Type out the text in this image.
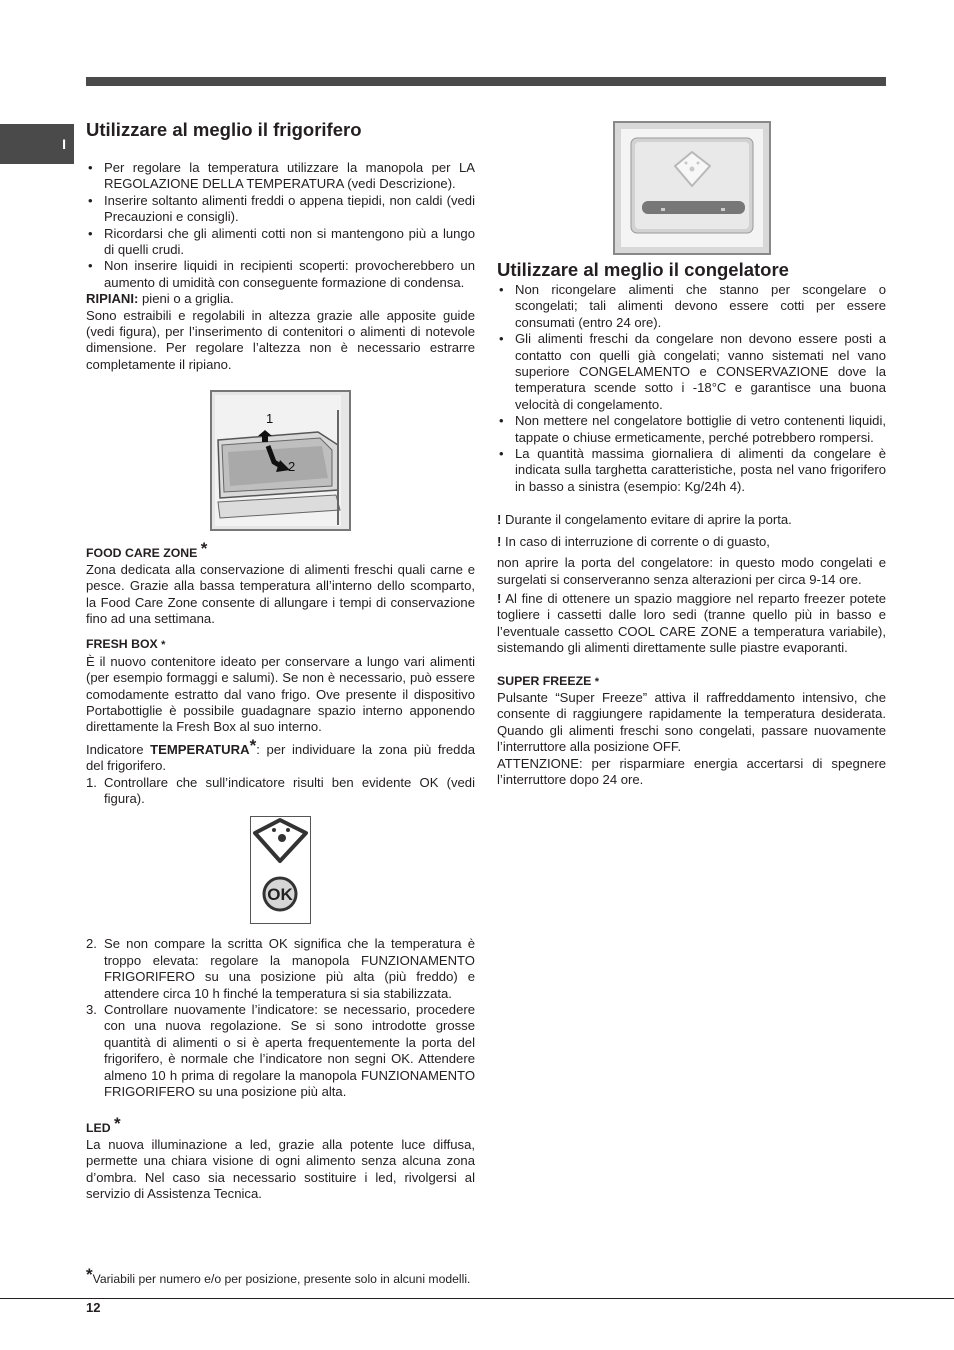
I
Utilizzare al meglio il frigorifero
• Per regolare la temperatura utilizzare la manopola per LA REGOLAZIONE DELLA TEMPERATURA (vedi Descrizione).
• Inserire soltanto alimenti freddi o appena tiepidi, non caldi (vedi Precauzioni e consigli).
• Ricordarsi che gli alimenti cotti non si mantengono più a lungo di quelli crudi.
• Non inserire liquidi in recipienti scoperti: provocherebbero un aumento di umidità con conseguente formazione di condensa.

RIPIANI: pieni o a griglia.

Sono estraibili e regolabili in altezza grazie alle apposite guide (vedi figura), per l’inserimento di contenitori o alimenti di notevole dimensione. Per regolare l’altezza non è necessario estrarre completamente il ripiano.

1
2

FOOD CARE ZONE *

Zona dedicata alla conservazione di alimenti freschi quali carne e pesce. Grazie alla bassa temperatura all’interno dello scomparto, la Food Care Zone consente di allungare i tempi di conservazione fino ad una settimana.

FRESH BOX *

È il nuovo contenitore ideato per conservare a lungo vari alimenti (per esempio formaggi e salumi). Se non è necessario, può essere comodamente estratto dal vano frigo. Ove presente il dispositivo Portabottiglie è possibile guadagnare spazio interno apponendo direttamente la Fresh Box al suo interno.

Indicatore TEMPERATURA*: per individuare la zona più fredda del frigorifero.

1. Controllare che sull’indicatore risulti ben evidente OK (vedi figura).
OK
2. Se non compare la scritta OK significa che la temperatura è troppo elevata: regolare la manopola FUNZIONAMENTO FRIGORIFERO su una posizione più alta (più freddo) e attendere circa 10 h finché la temperatura si sia stabilizzata.
3. Controllare nuovamente l’indicatore: se necessario, procedere con una nuova regolazione. Se si sono introdotte grosse quantità di alimenti o si è aperta frequentemente la porta del frigorifero, è normale che l’indicatore non segni OK. Attendere almeno 10 h prima di regolare la manopola FUNZIONAMENTO FRIGORIFERO su una posizione più alta.

LED *

La nuova illuminazione a led, grazie alla potente luce diffusa, permette una chiara visione di ogni alimento senza alcuna zona d’ombra. Nel caso sia necessario sostituire i led, rivolgersi al servizio di Assistenza Tecnica.

Utilizzare al meglio il congelatore
• Non ricongelare alimenti che stanno per scongelare o scongelati; tali alimenti devono essere cotti per essere consumati (entro 24 ore).
• Gli alimenti freschi da congelare non devono essere posti a contatto con quelli già congelati; vanno sistemati nel vano superiore CONGELAMENTO e CONSERVAZIONE dove la temperatura scende sotto i -18°C e garantisce una buona velocità di congelamento.
• Non mettere nel congelatore bottiglie di vetro contenenti liquidi, tappate o chiuse ermeticamente, perché potrebbero rompersi.
• La quantità massima giornaliera di alimenti da congelare è indicata sulla targhetta caratteristiche, posta nel vano frigorifero in basso a sinistra (esempio: Kg/24h 4).

! Durante il congelamento evitare di aprire la porta.

! In caso di interruzione di corrente o di guasto,

non aprire la porta del congelatore: in questo modo congelati e surgelati si conserveranno senza alterazioni per circa 9-14 ore.

! Al fine di ottenere un spazio maggiore nel reparto freezer potete togliere i cassetti dalle loro sedi (tranne quello più in basso e l’eventuale cassetto COOL CARE ZONE a temperatura variabile), sistemando gli alimenti direttamente sulle piastre evaporanti.

SUPER FREEZE *

Pulsante “Super Freeze” attiva il raffreddamento intensivo, che consente di raggiungere rapidamente la temperatura desiderata. Quando gli alimenti freschi sono congelati, passare nuovamente l’interruttore alla posizione OFF.

ATTENZIONE: per risparmiare energia accertarsi di spegnere l’interruttore dopo 24 ore.

*Variabili per numero e/o per posizione, presente solo in alcuni modelli.
12
